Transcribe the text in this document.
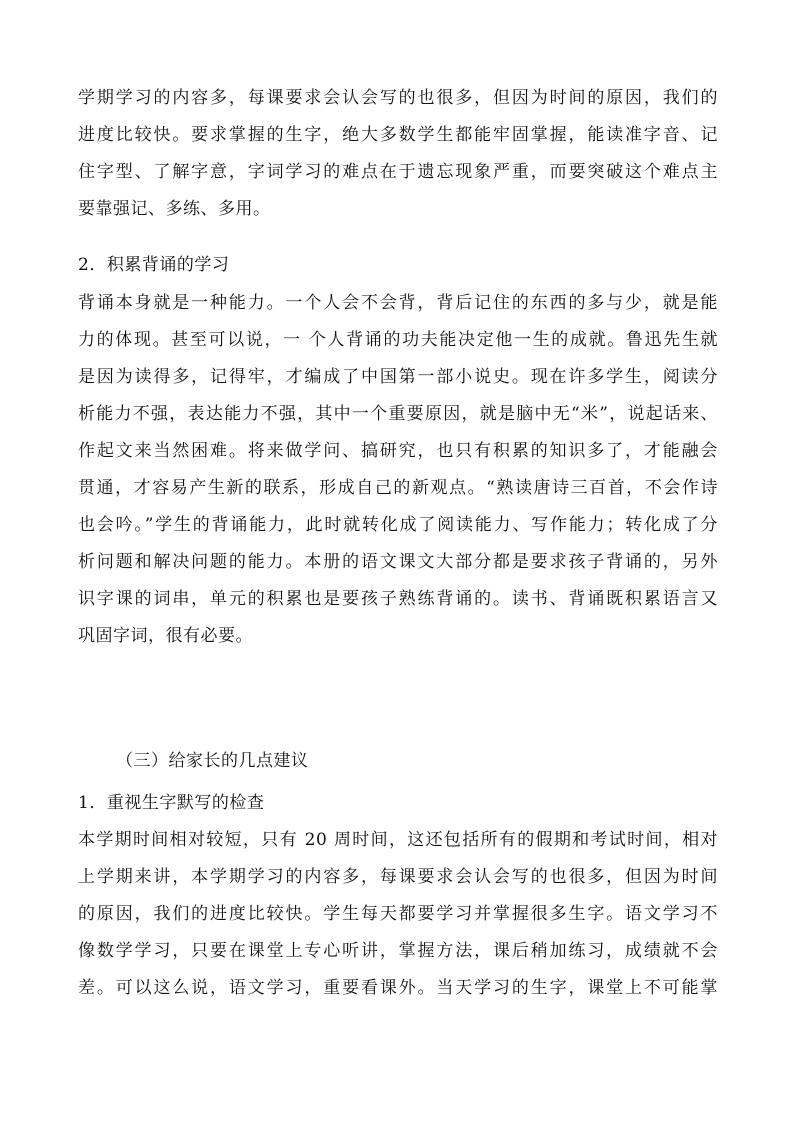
学期学习的内容多，每课要求会认会写的也很多，但因为时间的原因，我们的
进度比较快。要求掌握的生字，绝大多数学生都能牢固掌握，能读准字音、记
住字型、了解字意，字词学习的难点在于遗忘现象严重，而要突破这个难点主
要靠强记、多练、多用。
2．积累背诵的学习
背诵本身就是一种能力。一个人会不会背，背后记住的东西的多与少，就是能
力的体现。甚至可以说，一 个人背诵的功夫能决定他一生的成就。鲁迅先生就
是因为读得多，记得牢，才编成了中国第一部小说史。现在许多学生，阅读分
析能力不强，表达能力不强，其中一个重要原因，就是脑中无“米”，说起话来、
作起文来当然困难。将来做学问、搞研究，也只有积累的知识多了，才能融会
贯通，才容易产生新的联系，形成自己的新观点。“熟读唐诗三百首，不会作诗
也会吟。”学生的背诵能力，此时就转化成了阅读能力、写作能力；转化成了分
析问题和解决问题的能力。本册的语文课文大部分都是要求孩子背诵的，另外
识字课的词串，单元的积累也是要孩子熟练背诵的。读书、背诵既积累语言又
巩固字词，很有必要。
（三）给家长的几点建议
1．重视生字默写的检查
本学期时间相对较短，只有 20 周时间，这还包括所有的假期和考试时间，相对
上学期来讲，本学期学习的内容多，每课要求会认会写的也很多，但因为时间
的原因，我们的进度比较快。学生每天都要学习并掌握很多生字。语文学习不
像数学学习，只要在课堂上专心听讲，掌握方法，课后稍加练习，成绩就不会
差。可以这么说，语文学习，重要看课外。当天学习的生字，课堂上不可能掌
